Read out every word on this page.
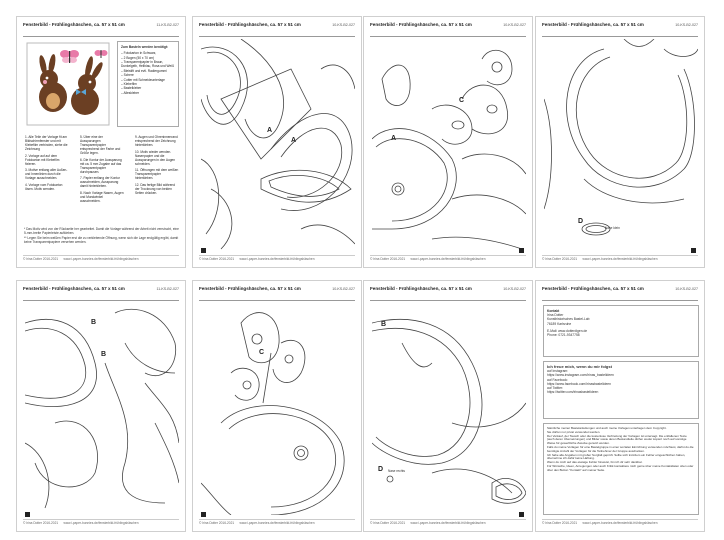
Fensterbild - Frühlingshäschen, ca. 57 x 51 cm	11-KS-B2-027
Zum Basteln werden benötigt:
– Fotokarton in Schwarz,
– 2 Bogen (50 x 70 cm)
– Transparentpapier in Braun, Dunkelgelb, Hellblau, Rosa und Weiß
– Bleistift und evtl. Radiergummi
– Schere
– Cutter mit Schneideunterlage
– Klebefilm
– Bastelkleber
– Alleskleber

1. Alle Teile der Vorlage fit am Bildschirmfenster und mit Klebefilm verbinden, siehe die Zeichnung

2. Vorlage auf auf dem Fotokarton mit Klebefilm fixieren.

3. Motive entlang aller Außen- und Innenlinien durch die Vorlage ausschneiden.

4. Vorlage vom Fotokarton lösen. Motiv wenden.

5. Über eine der Aussparungen Transparentpapier entsprechend der Farbe und Größe legen.

6. Die Kontur der Aussparung mit ca. 5 mm Zugabe auf das Transparentpapier durchpausen.

7. Papier entlang der Kontur ausschneiden, Aussparung damit hinterkleben.

8. Nach Vorlage Nasen, Augen und Mundwinkel ausschneiden.

9. Augen und Ohreninnenrand entsprechend der Zeichnung hinterkleben.

10. Motiv wieder wenden. Nasenpapier und die Aussparungen in den Augen schneiden.

11. Öffnungen mit dem weißen Transparentpapier hinterkleben.

12. Das fertige Bild während der Trocknung von beiden Seiten drücken.

* Das Motiv wird von der Rückseite her gearbeitet. Damit die Vorlage während der Arbeit nicht verrutscht, eine 5-mm-breite Papierleiste aufkleben.

** Legen Sie beim weißen Papier erst die zu verklebende Öffnung, wenn sich die Lage endgültig ergibt, damit keine Transparentpapiere versehen werden.

© Irina Dotter 2016-2021 www.i-paper-bunnies.de/fensterbild-frühlingshäschen
Fensterbild - Frühlingshäschen, ca. 57 x 51 cm	10-KS-B2-027
A
A
© Irina Dotter 2016-2021 www.i-paper-bunnies.de/fensterbild-frühlingshäschen
Fensterbild - Frühlingshäschen, ca. 57 x 51 cm	10-KS-B2-027
A
C
© Irina Dotter 2016-2021 www.i-paper-bunnies.de/fensterbild-frühlingshäschen
Fensterbild - Frühlingshäschen, ca. 57 x 51 cm	10-KS-B2-027
D
Nase klein
© Irina Dotter 2016-2021 www.i-paper-bunnies.de/fensterbild-frühlingshäschen
Fensterbild - Frühlingshäschen, ca. 57 x 51 cm	11-KS-B2-027
B
B
© Irina Dotter 2016-2021 www.i-paper-bunnies.de/fensterbild-frühlingshäschen
Fensterbild - Frühlingshäschen, ca. 57 x 51 cm	10-KS-B2-027
C
© Irina Dotter 2016-2021 www.i-paper-bunnies.de/fensterbild-frühlingshäschen
Fensterbild - Frühlingshäschen, ca. 57 x 51 cm	10-KS-B2-027
B
D Nase rechts
© Irina Dotter 2016-2021 www.i-paper-bunnies.de/fensterbild-frühlingshäschen
Fensterbild - Frühlingshäschen, ca. 57 x 51 cm	10-KS-B2-027
Kontakt
Irina Dotter
Kunsthistorisches Bastel-Lab
76189 Karlsruhe
E-Mail: www.dotterdigen.de
Phone: 0721-9347758
Ich freue mich, wenn du mir folgst
auf Instagram:
https://www.instagram.com/irinas_bastelideen
auf Facebook:
https://www.facebook.com/irinasbastelideen
auf Twitter:
https://twitter.com/irinasbastelideen
Sämtliche meiner Bastelanleitungen und auch meine Vorlagen unterliegen dem Copyright.
Sie dürfen nur privat verwendet werden.
Der Verkauf, der Tausch oder die kostenlose Verbreitung der Vorlagen ist untersagt. Die entfallenen Texte (auch deren Übersetzungen) und Bilder sowie deren Bestandteile dürfen weder kopiert noch auf sonstige Weise für gewerbliche Zwecke genutzt werden.
Falls du meine Vorlagen für eine Bastelgruppe in einer sozialen Einrichtung verwenden möchtest, darfst du die benötigte Anzahl der Vorlagen für die Teilnehmer der Gruppe ausdrucken.
Ich habe alle Angaben mit großer Sorgfalt geprüft. Sollte sich trotzdem ein Fehler eingeschlichen haben, übernehme ich dafür keine Haftung.
Wenn du mich auf das etwaige Fehler hinweist, bin ich dir sehr dankbar.
Für Wünsche, Ideen, Anregungen oder auch Kritik kontaktiere mich gerne über meine Kontaktdaten oben oder über den Button "Kontakt" auf meiner Seite.
© Irina Dotter 2016-2021 www.i-paper-bunnies.de/fensterbild-frühlingshäschen
